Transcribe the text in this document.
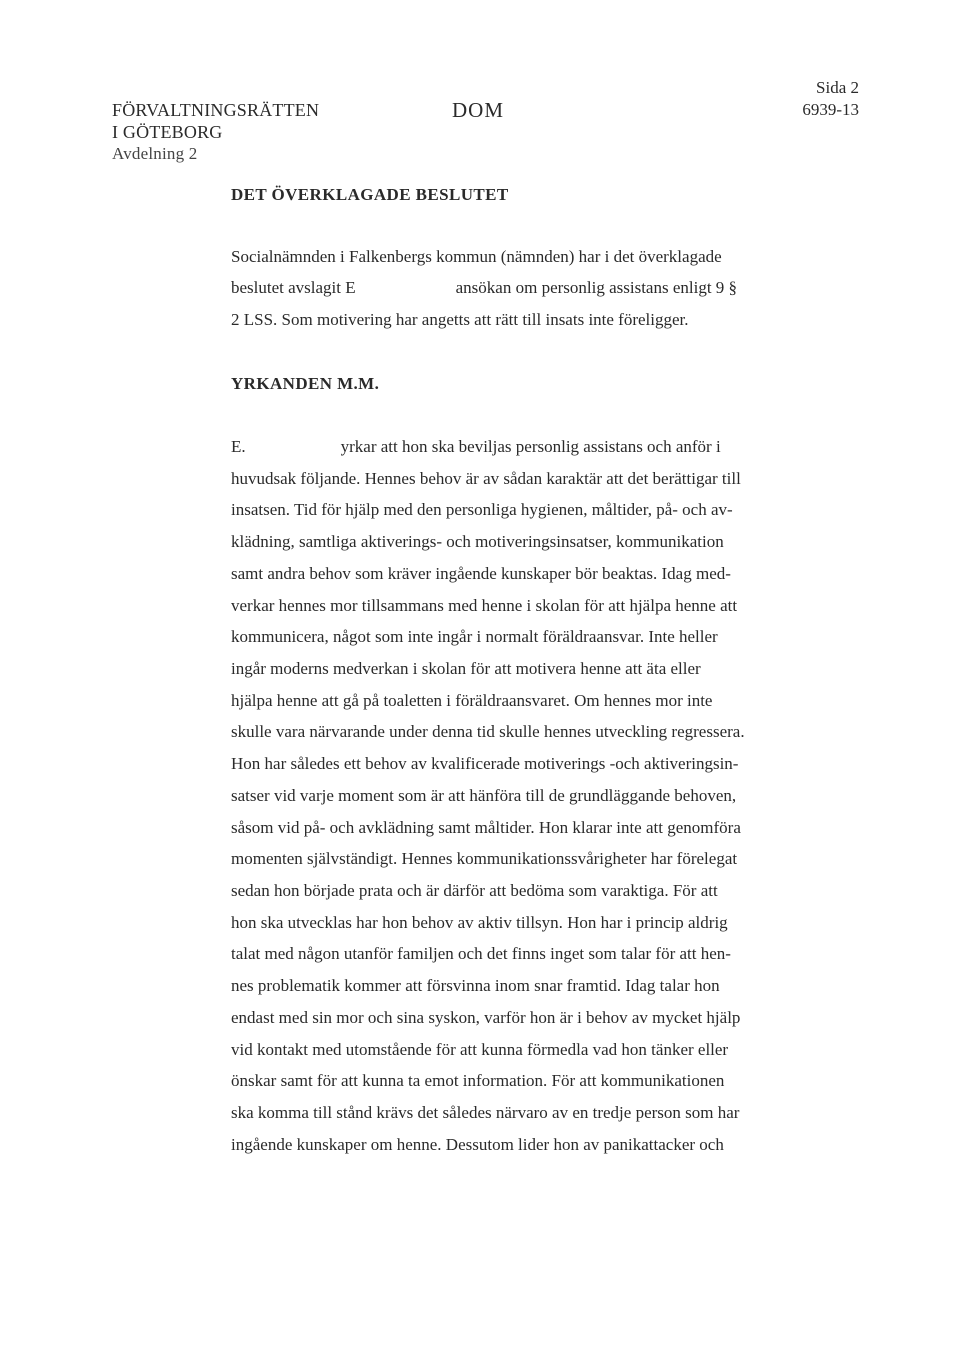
FÖRVALTNINGSRÄTTEN
I GÖTEBORG
Avdelning 2
DOM
Sida 2
6939-13
DET ÖVERKLAGADE BESLUTET
Socialnämnden i Falkenbergs kommun (nämnden) har i det överklagade
beslutet avslagit E	ansökan om personlig assistans enligt 9 §
2 LSS. Som motivering har angetts att rätt till insats inte föreligger.
YRKANDEN M.M.
E.	yrkar att hon ska beviljas personlig assistans och anför i
huvudsak följande. Hennes behov är av sådan karaktär att det berättigar till
insatsen. Tid för hjälp med den personliga hygienen, måltider, på- och av-
klädning, samtliga aktiverings- och motiveringsinsatser, kommunikation
samt andra behov som kräver ingående kunskaper bör beaktas. Idag med-
verkar hennes mor tillsammans med henne i skolan för att hjälpa henne att
kommunicera, något som inte ingår i normalt föräldraansvar. Inte heller
ingår moderns medverkan i skolan för att motivera henne att äta eller
hjälpa henne att gå på toaletten i föräldraansvaret. Om hennes mor inte
skulle vara närvarande under denna tid skulle hennes utveckling regressera.
Hon har således ett behov av kvalificerade motiverings -och aktiveringsin-
satser vid varje moment som är att hänföra till de grundläggande behoven,
såsom vid på- och avklädning samt måltider. Hon klarar inte att genomföra
momenten självständigt. Hennes kommunikationssvårigheter har förelegat
sedan hon började prata och är därför att bedöma som varaktiga. För att
hon ska utvecklas har hon behov av aktiv tillsyn. Hon har i princip aldrig
talat med någon utanför familjen och det finns inget som talar för att hen-
nes problematik kommer att försvinna inom snar framtid. Idag talar hon
endast med sin mor och sina syskon, varför hon är i behov av mycket hjälp
vid kontakt med utomstående för att kunna förmedla vad hon tänker eller
önskar samt för att kunna ta emot information. För att kommunikationen
ska komma till stånd krävs det således närvaro av en tredje person som har
ingående kunskaper om henne. Dessutom lider hon av panikattacker och
